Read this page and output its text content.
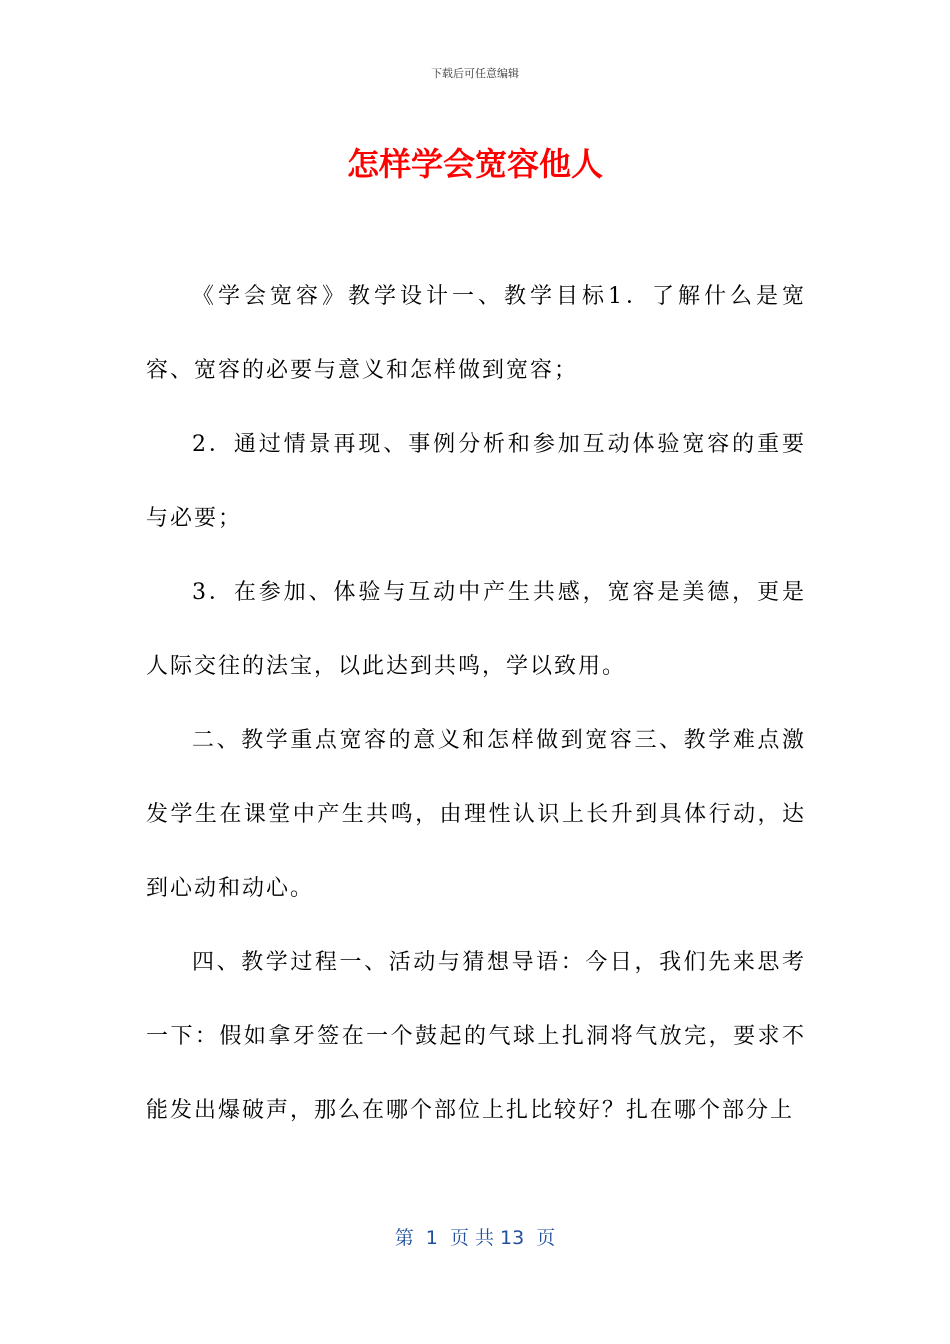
下载后可任意编辑
怎样学会宽容他人

《学会宽容》教学设计一、教学目标1．了解什么是宽容、宽容的必要与意义和怎样做到宽容；

2．通过情景再现、事例分析和参加互动体验宽容的重要与必要；

3．在参加、体验与互动中产生共感，宽容是美德，更是人际交往的法宝，以此达到共鸣，学以致用。

二、教学重点宽容的意义和怎样做到宽容三、教学难点激发学生在课堂中产生共鸣，由理性认识上长升到具体行动，达到心动和动心。

四、教学过程一、活动与猜想导语：今日，我们先来思考一下：假如拿牙签在一个鼓起的气球上扎洞将气放完，要求不能发出爆破声，那么在哪个部位上扎比较好？扎在哪个部分上

第  1  页 共 13  页
